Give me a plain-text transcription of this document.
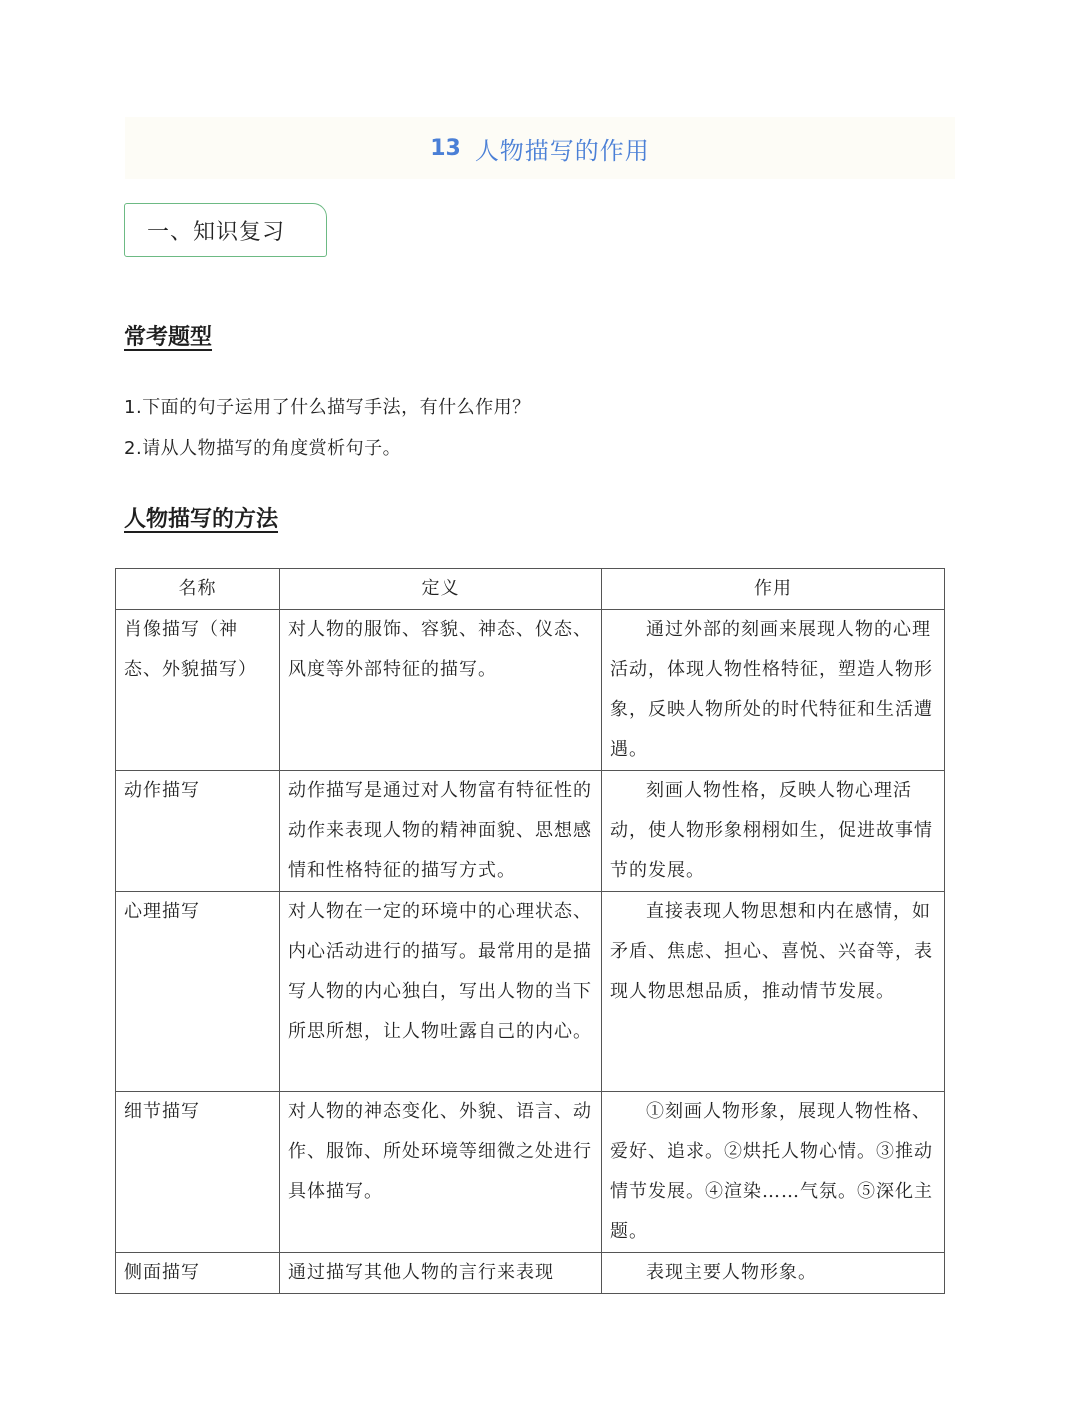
13 人物描写的作用
一、知识复习
常考题型
1.下面的句子运用了什么描写手法，有什么作用？
2.请从人物描写的角度赏析句子。
人物描写的方法
名称	定义	作用
肖像描写（神态、外貌描写）	对人物的服饰、容貌、神态、仪态、风度等外部特征的描写。	通过外部的刻画来展现人物的心理活动，体现人物性格特征，塑造人物形象，反映人物所处的时代特征和生活遭遇。
动作描写	动作描写是通过对人物富有特征性的动作来表现人物的精神面貌、思想感情和性格特征的描写方式。	刻画人物性格，反映人物心理活动，使人物形象栩栩如生，促进故事情节的发展。
心理描写	对人物在一定的环境中的心理状态、内心活动进行的描写。最常用的是描写人物的内心独白，写出人物的当下所思所想，让人物吐露自己的内心。	直接表现人物思想和内在感情，如矛盾、焦虑、担心、喜悦、兴奋等，表现人物思想品质，推动情节发展。
细节描写	对人物的神态变化、外貌、语言、动作、服饰、所处环境等细微之处进行具体描写。	①刻画人物形象，展现人物性格、爱好、追求。②烘托人物心情。③推动情节发展。④渲染……气氛。⑤深化主题。
侧面描写	通过描写其他人物的言行来表现	表现主要人物形象。
